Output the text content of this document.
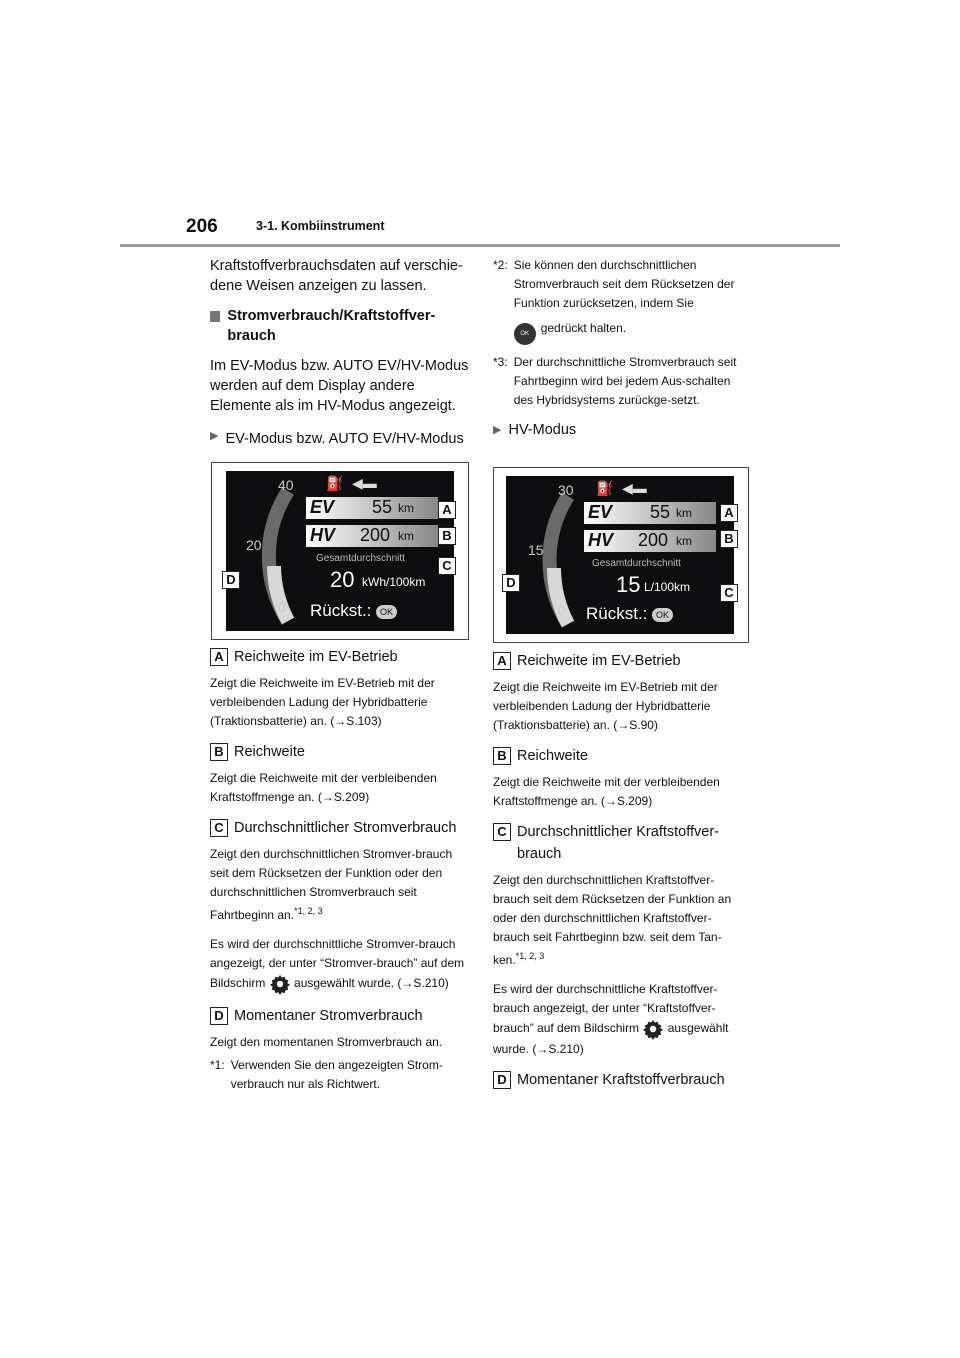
206	3-1. Kombiinstrument

Kraftstoffverbrauchsdaten auf verschie-dene Weisen anzeigen zu lassen.

Stromverbrauch/Kraftstoffver-brauch

Im EV-Modus bzw. AUTO EV/HV-Modus werden auf dem Display andere Elemente als im HV-Modus angezeigt.

▶ EV-Modus bzw. AUTO EV/HV-Modus
40
20
0
⛽ ◀▬
EV 55 km
HV 200 km
Gesamtdurchschnitt
20 kWh/100km
Rückst.: OK
A
B
C
D
A Reichweite im EV-Betrieb

Zeigt die Reichweite im EV-Betrieb mit der verbleibenden Ladung der Hybridbatterie (Traktionsbatterie) an. (→S.103)

B Reichweite

Zeigt die Reichweite mit der verbleibenden Kraftstoffmenge an. (→S.209)

C Durchschnittlicher Stromverbrauch

Zeigt den durchschnittlichen Stromver-brauch seit dem Rücksetzen der Funktion oder den durchschnittlichen Stromverbrauch seit Fahrtbeginn an.$^{*1, 2, 3}$

Es wird der durchschnittliche Stromver-brauch angezeigt, der unter “Stromver-brauch” auf dem Bildschirm ausgewählt wurde. (→S.210)

D Momentaner Stromverbrauch

Zeigt den momentanen Stromverbrauch an.

*1: Verwenden Sie den angezeigten Strom-verbrauch nur als Richtwert.
*2: Sie können den durchschnittlichen Stromverbrauch seit dem Rücksetzen der Funktion zurücksetzen, indem Sie
OK gedrückt halten.
*3: Der durchschnittliche Stromverbrauch seit Fahrtbeginn wird bei jedem Aus-schalten des Hybridsystems zurückge-setzt.
▶ HV-Modus
30
15
0
⛽ ◀▬
EV 55 km
HV 200 km
Gesamtdurchschnitt
15 L/100km
Rückst.: OK
A
B
C
D
A Reichweite im EV-Betrieb

Zeigt die Reichweite im EV-Betrieb mit der verbleibenden Ladung der Hybridbatterie (Traktionsbatterie) an. (→S.90)

B Reichweite

Zeigt die Reichweite mit der verbleibenden Kraftstoffmenge an. (→S.209)

C Durchschnittlicher Kraftstoffver-brauch

Zeigt den durchschnittlichen Kraftstoffver-brauch seit dem Rücksetzen der Funktion an oder den durchschnittlichen Kraftstoffver-brauch seit Fahrtbeginn bzw. seit dem Tan-ken.$^{*1, 2, 3}$

Es wird der durchschnittliche Kraftstoffver-brauch angezeigt, der unter “Kraftstoffver-brauch” auf dem Bildschirm ausgewählt wurde. (→S.210)

D Momentaner Kraftstoffverbrauch
